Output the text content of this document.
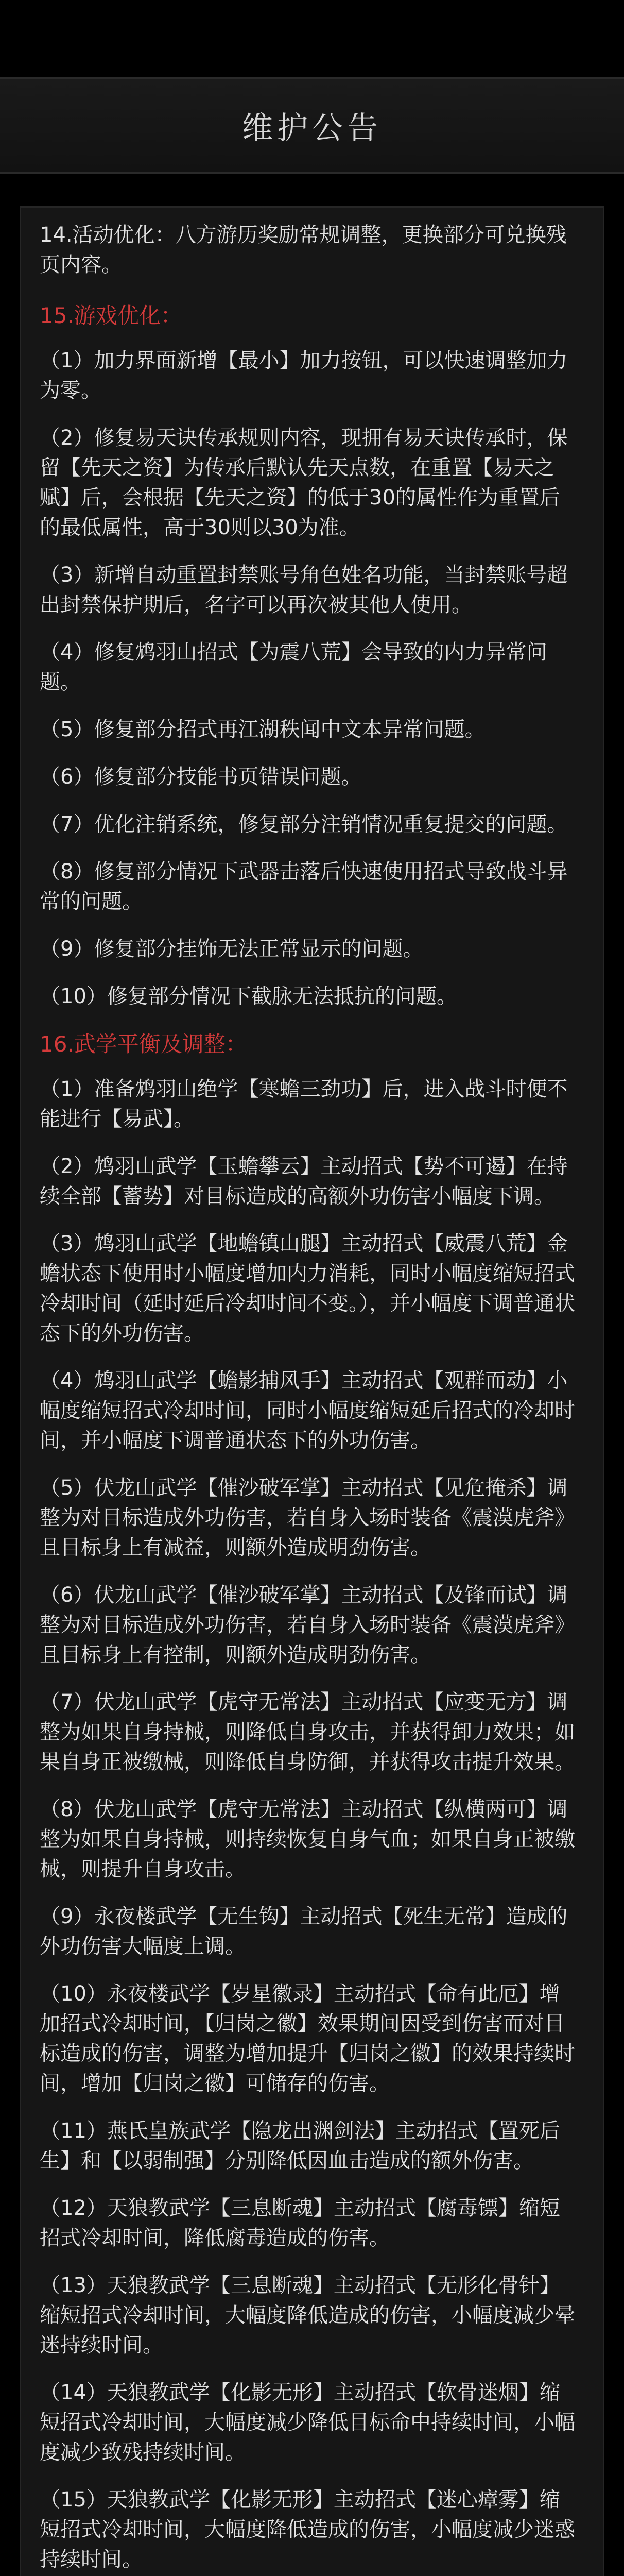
维护公告
14.活动优化：八方游历奖励常规调整，更换部分可兑换残页内容。
15.游戏优化：
（1）加力界面新增【最小】加力按钮，可以快速调整加力为零。
（2）修复易天诀传承规则内容，现拥有易天诀传承时，保留【先天之资】为传承后默认先天点数，在重置【易天之赋】后，会根据【先天之资】的低于30的属性作为重置后的最低属性，高于30则以30为准。
（3）新增自动重置封禁账号角色姓名功能，当封禁账号超出封禁保护期后，名字可以再次被其他人使用。
（4）修复鸩羽山招式【为震八荒】会导致的内力异常问题。
（5）修复部分招式再江湖秩闻中文本异常问题。
（6）修复部分技能书页错误问题。
（7）优化注销系统，修复部分注销情况重复提交的问题。
（8）修复部分情况下武器击落后快速使用招式导致战斗异常的问题。
（9）修复部分挂饰无法正常显示的问题。
（10）修复部分情况下截脉无法抵抗的问题。
16.武学平衡及调整：
（1）准备鸩羽山绝学【寒蟾三劲功】后，进入战斗时便不能进行【易武】。
（2）鸩羽山武学【玉蟾攀云】主动招式【势不可遏】在持续全部【蓄势】对目标造成的高额外功伤害小幅度下调。
（3）鸩羽山武学【地蟾镇山腿】主动招式【威震八荒】金蟾状态下使用时小幅度增加内力消耗，同时小幅度缩短招式冷却时间（延时延后冷却时间不变。），并小幅度下调普通状态下的外功伤害。
（4）鸩羽山武学【蟾影捕风手】主动招式【观群而动】小幅度缩短招式冷却时间，同时小幅度缩短延后招式的冷却时间，并小幅度下调普通状态下的外功伤害。
（5）伏龙山武学【催沙破军掌】主动招式【见危掩杀】调整为对目标造成外功伤害，若自身入场时装备《震漠虎斧》且目标身上有减益，则额外造成明劲伤害。
（6）伏龙山武学【催沙破军掌】主动招式【及锋而试】调整为对目标造成外功伤害，若自身入场时装备《震漠虎斧》且目标身上有控制，则额外造成明劲伤害。
（7）伏龙山武学【虎守无常法】主动招式【应变无方】调整为如果自身持械，则降低自身攻击，并获得卸力效果；如果自身正被缴械，则降低自身防御，并获得攻击提升效果。
（8）伏龙山武学【虎守无常法】主动招式【纵横两可】调整为如果自身持械，则持续恢复自身气血；如果自身正被缴械，则提升自身攻击。
（9）永夜楼武学【无生钩】主动招式【死生无常】造成的外功伤害大幅度上调。
（10）永夜楼武学【岁星徽录】主动招式【命有此厄】增加招式冷却时间，【归岗之徽】效果期间因受到伤害而对目标造成的伤害，调整为增加提升【归岗之徽】的效果持续时间，增加【归岗之徽】可储存的伤害。
（11）燕氏皇族武学【隐龙出渊剑法】主动招式【置死后生】和【以弱制强】分别降低因血击造成的额外伤害。
（12）天狼教武学【三息断魂】主动招式【腐毒镖】缩短招式冷却时间，降低腐毒造成的伤害。
（13）天狼教武学【三息断魂】主动招式【无形化骨针】缩短招式冷却时间，大幅度降低造成的伤害，小幅度减少晕迷持续时间。
（14）天狼教武学【化影无形】主动招式【软骨迷烟】缩短招式冷却时间，大幅度减少降低目标命中持续时间，小幅度减少致残持续时间。
（15）天狼教武学【化影无形】主动招式【迷心瘴雾】缩短招式冷却时间，大幅度降低造成的伤害，小幅度减少迷惑持续时间。
